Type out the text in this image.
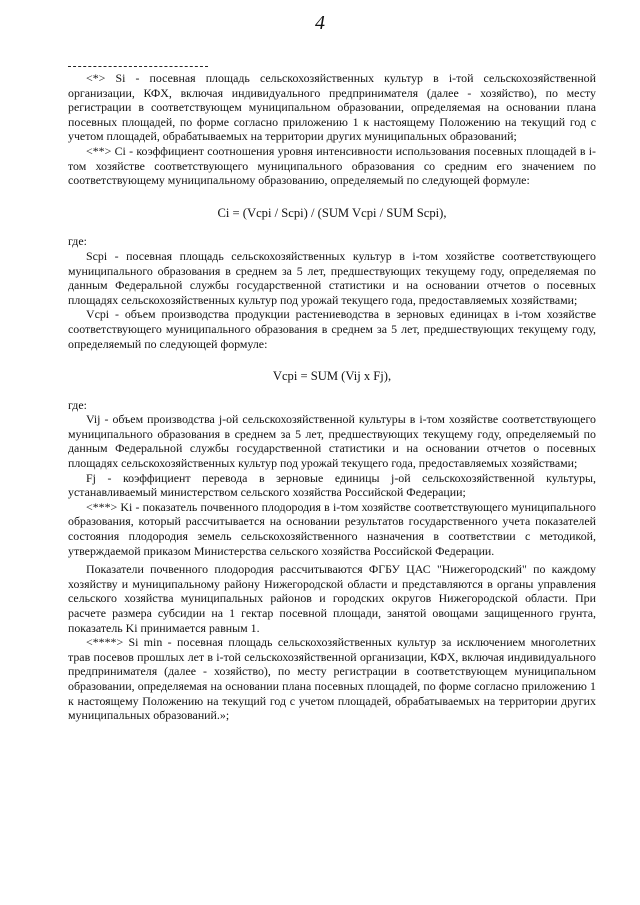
4

<*> Si - посевная площадь сельскохозяйственных культур в i-той сельскохозяйственной организации, КФХ, включая индивидуального предпринимателя (далее - хозяйство), по месту регистрации в соответствующем муниципальном образовании, определяемая на основании плана посевных площадей, по форме согласно приложению 1 к настоящему Положению на текущий год с учетом площадей, обрабатываемых на территории других муниципальных образований;

<**> Ci - коэффициент соотношения уровня интенсивности использования посевных площадей в i-том хозяйстве соответствующего муниципального образования со средним его значением по соответствующему муниципальному образованию, определяемый по следующей формуле:

Ci = (Vcpi / Scpi) / (SUM Vcpi / SUM Scpi),

где:

Scpi - посевная площадь сельскохозяйственных культур в i-том хозяйстве соответствующего муниципального образования в среднем за 5 лет, предшествующих текущему году, определяемая по данным Федеральной службы государственной статистики и на основании отчетов о посевных площадях сельскохозяйственных культур под урожай текущего года, предоставляемых хозяйствами;

Vcpi - объем производства продукции растениеводства в зерновых единицах в i-том хозяйстве соответствующего муниципального образования в среднем за 5 лет, предшествующих текущему году, определяемый по следующей формуле:

Vcpi = SUM (Vij x Fj),

где:

Vij - объем производства j-ой сельскохозяйственной культуры в i-том хозяйстве соответствующего муниципального образования в среднем за 5 лет, предшествующих текущему году, определяемый по данным Федеральной службы государственной статистики и на основании отчетов о посевных площадях сельскохозяйственных культур под урожай текущего года, предоставляемых хозяйствами;

Fj - коэффициент перевода в зерновые единицы j-ой сельскохозяйственной культуры, устанавливаемый министерством сельского хозяйства Российской Федерации;

<***> Ki - показатель почвенного плодородия в i-том хозяйстве соответствующего муниципального образования, который рассчитывается на основании результатов государственного учета показателей состояния плодородия земель сельскохозяйственного назначения в соответствии с методикой, утверждаемой приказом Министерства сельского хозяйства Российской Федерации.

Показатели почвенного плодородия рассчитываются ФГБУ ЦАС "Нижегородский" по каждому хозяйству и муниципальному району Нижегородской области и представляются в органы управления сельского хозяйства муниципальных районов и городских округов Нижегородской области. При расчете размера субсидии на 1 гектар посевной площади, занятой овощами защищенного грунта, показатель Ki принимается равным 1.

<****> Si min - посевная площадь сельскохозяйственных культур за исключением многолетних трав посевов прошлых лет в i-той сельскохозяйственной организации, КФХ, включая индивидуального предпринимателя (далее - хозяйство), по месту регистрации в соответствующем муниципальном образовании, определяемая на основании плана посевных площадей, по форме согласно приложению 1 к настоящему Положению на текущий год с учетом площадей, обрабатываемых на территории других муниципальных образований.»;
